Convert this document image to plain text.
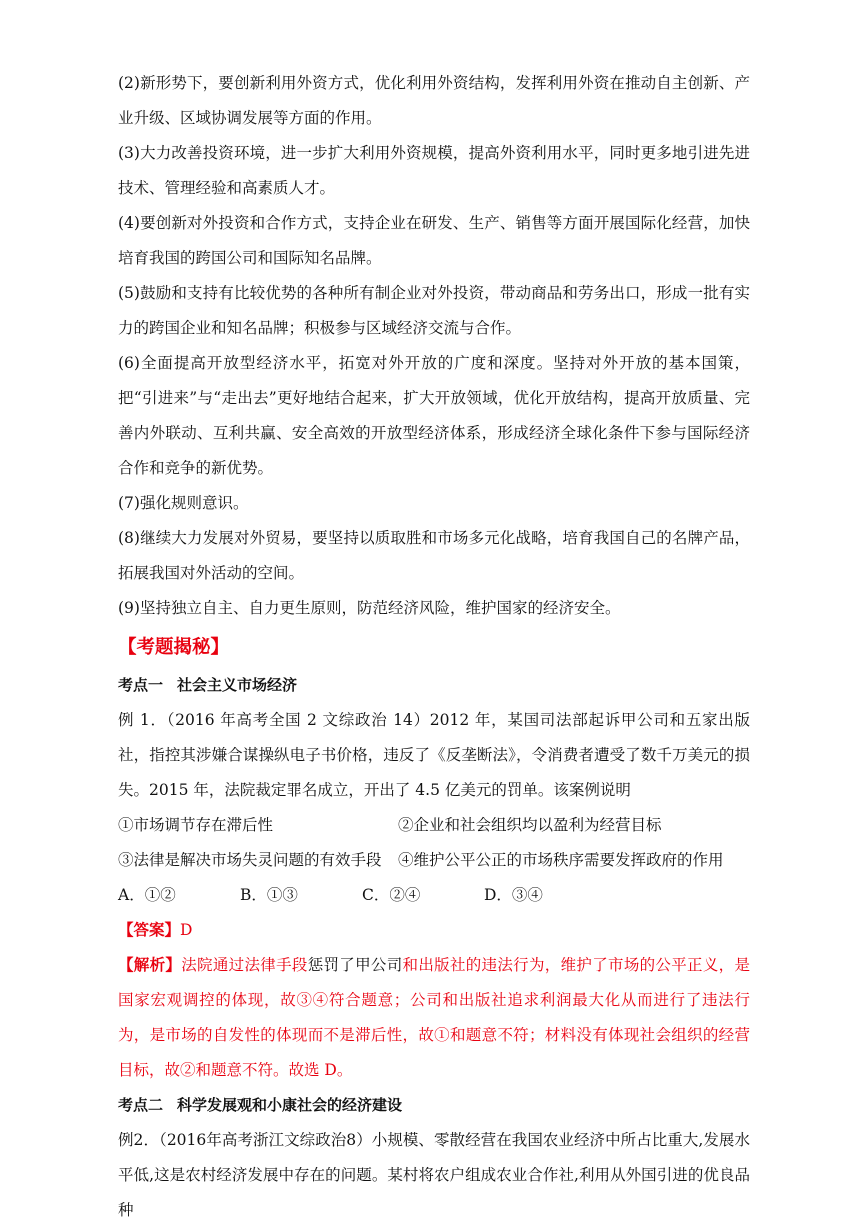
(2)新形势下，要创新利用外资方式，优化利用外资结构，发挥利用外资在推动自主创新、产业升级、区域协调发展等方面的作用。

(3)大力改善投资环境，进一步扩大利用外资规模，提高外资利用水平，同时更多地引进先进技术、管理经验和高素质人才。

(4)要创新对外投资和合作方式，支持企业在研发、生产、销售等方面开展国际化经营，加快培育我国的跨国公司和国际知名品牌。

(5)鼓励和支持有比较优势的各种所有制企业对外投资，带动商品和劳务出口，形成一批有实力的跨国企业和知名品牌；积极参与区域经济交流与合作。

(6)全面提高开放型经济水平，拓宽对外开放的广度和深度。坚持对外开放的基本国策，把“引进来”与“走出去”更好地结合起来，扩大开放领域，优化开放结构，提高开放质量、完善内外联动、互利共赢、安全高效的开放型经济体系，形成经济全球化条件下参与国际经济合作和竞争的新优势。

(7)强化规则意识。

(8)继续大力发展对外贸易，要坚持以质取胜和市场多元化战略，培育我国自己的名牌产品，拓展我国对外活动的空间。

(9)坚持独立自主、自力更生原则，防范经济风险，维护国家的经济安全。

【考题揭秘】

考点一 社会主义市场经济

例 1．（2016 年高考全国 2 文综政治 14）2012 年，某国司法部起诉甲公司和五家出版社，指控其涉嫌合谋操纵电子书价格，违反了《反垄断法》，令消费者遭受了数千万美元的损失。2015 年，法院裁定罪名成立，开出了 4.5 亿美元的罚单。该案例说明

①市场调节存在滞后性	②企业和社会组织均以盈利为经营目标
③法律是解决市场失灵问题的有效手段	④维护公平公正的市场秩序需要发挥政府的作用
A．①②	B．①③	C．②④	D．③④

【答案】D

【解析】法院通过法律手段惩罚了甲公司和出版社的违法行为，维护了市场的公平正义，是国家宏观调控的体现，故③④符合题意；公司和出版社追求利润最大化从而进行了违法行为，是市场的自发性的体现而不是滞后性，故①和题意不符；材料没有体现社会组织的经营目标，故②和题意不符。故选 D。

考点二 科学发展观和小康社会的经济建设

例2．（2016年高考浙江文综政治8）小规模、零散经营在我国农业经济中所占比重大,发展水平低,这是农村经济发展中存在的问题。某村将农户组成农业合作社,利用从外国引进的优良品种
